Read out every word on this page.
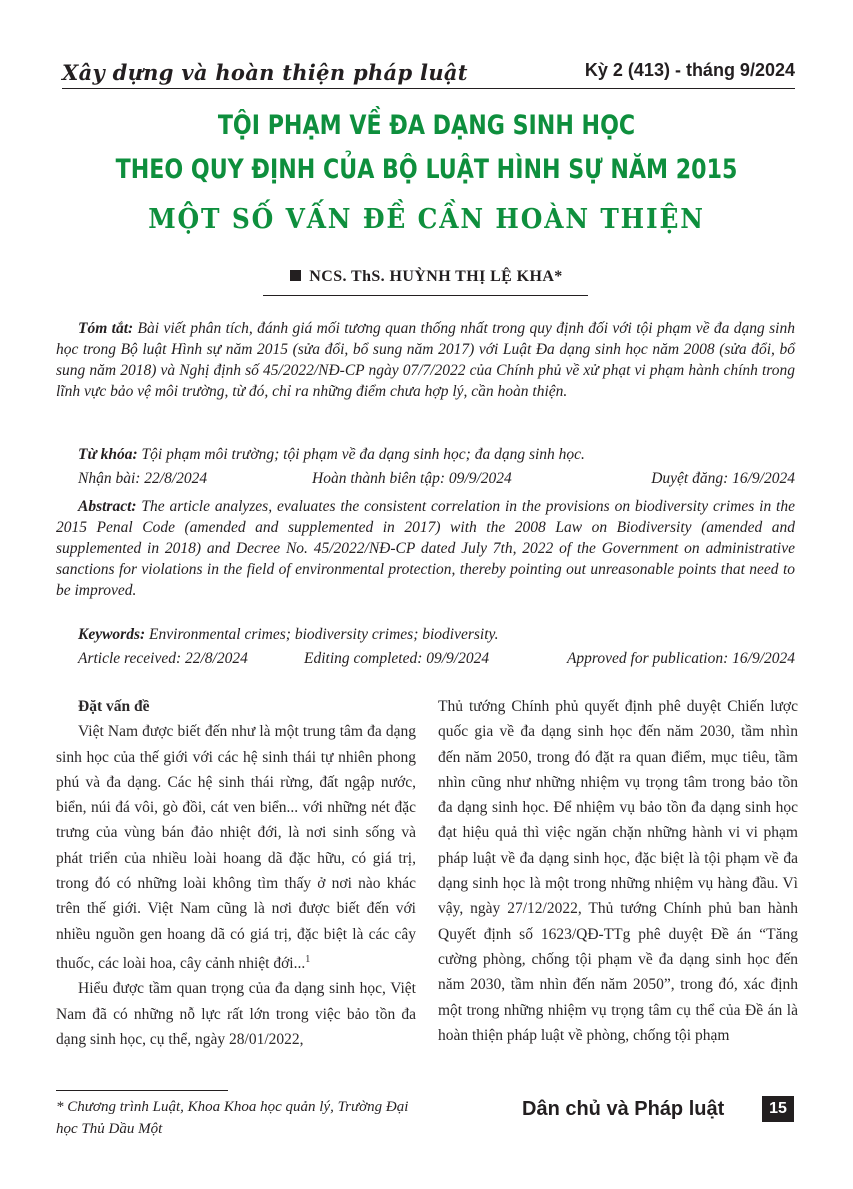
Xây dựng và hoàn thiện pháp luật	Kỳ 2 (413) - tháng 9/2024
TỘI PHẠM VỀ ĐA DẠNG SINH HỌC
THEO QUY ĐỊNH CỦA BỘ LUẬT HÌNH SỰ NĂM 2015
MỘT SỐ VẤN ĐỀ CẦN HOÀN THIỆN
NCS. ThS. HUỲNH THỊ LỆ KHA*
Tóm tắt: Bài viết phân tích, đánh giá mối tương quan thống nhất trong quy định đối với tội phạm về đa dạng sinh học trong Bộ luật Hình sự năm 2015 (sửa đổi, bổ sung năm 2017) với Luật Đa dạng sinh học năm 2008 (sửa đổi, bổ sung năm 2018) và Nghị định số 45/2022/NĐ-CP ngày 07/7/2022 của Chính phủ về xử phạt vi phạm hành chính trong lĩnh vực bảo vệ môi trường, từ đó, chỉ ra những điểm chưa hợp lý, cần hoàn thiện.
Từ khóa: Tội phạm môi trường; tội phạm về đa dạng sinh học; đa dạng sinh học.
Nhận bài: 22/8/2024	Hoàn thành biên tập: 09/9/2024	Duyệt đăng: 16/9/2024
Abstract: The article analyzes, evaluates the consistent correlation in the provisions on biodiversity crimes in the 2015 Penal Code (amended and supplemented in 2017) with the 2008 Law on Biodiversity (amended and supplemented in 2018) and Decree No. 45/2022/NĐ-CP dated July 7th, 2022 of the Government on administrative sanctions for violations in the field of environmental protection, thereby pointing out unreasonable points that need to be improved.
Keywords: Environmental crimes; biodiversity crimes; biodiversity.
Article received: 22/8/2024	Editing completed: 09/9/2024	Approved for publication: 16/9/2024

Đặt vấn đề

Việt Nam được biết đến như là một trung tâm đa dạng sinh học của thế giới với các hệ sinh thái tự nhiên phong phú và đa dạng. Các hệ sinh thái rừng, đất ngập nước, biển, núi đá vôi, gò đồi, cát ven biển... với những nét đặc trưng của vùng bán đảo nhiệt đới, là nơi sinh sống và phát triển của nhiều loài hoang dã đặc hữu, có giá trị, trong đó có những loài không tìm thấy ở nơi nào khác trên thế giới. Việt Nam cũng là nơi được biết đến với nhiều nguồn gen hoang dã có giá trị, đặc biệt là các cây thuốc, các loài hoa, cây cảnh nhiệt đới...$^1$

Hiểu được tầm quan trọng của đa dạng sinh học, Việt Nam đã có những nỗ lực rất lớn trong việc bảo tồn đa dạng sinh học, cụ thể, ngày 28/01/2022,

Thủ tướng Chính phủ quyết định phê duyệt Chiến lược quốc gia về đa dạng sinh học đến năm 2030, tầm nhìn đến năm 2050, trong đó đặt ra quan điểm, mục tiêu, tầm nhìn cũng như những nhiệm vụ trọng tâm trong bảo tồn đa dạng sinh học. Để nhiệm vụ bảo tồn đa dạng sinh học đạt hiệu quả thì việc ngăn chặn những hành vi vi phạm pháp luật về đa dạng sinh học, đặc biệt là tội phạm về đa dạng sinh học là một trong những nhiệm vụ hàng đầu. Vì vậy, ngày 27/12/2022, Thủ tướng Chính phủ ban hành Quyết định số 1623/QĐ-TTg phê duyệt Đề án “Tăng cường phòng, chống tội phạm về đa dạng sinh học đến năm 2030, tầm nhìn đến năm 2050”, trong đó, xác định một trong những nhiệm vụ trọng tâm cụ thể của Đề án là hoàn thiện pháp luật về phòng, chống tội phạm

* Chương trình Luật, Khoa Khoa học quản lý, Trường Đại học Thủ Dầu Một
Dân chủ và Pháp luật	15
